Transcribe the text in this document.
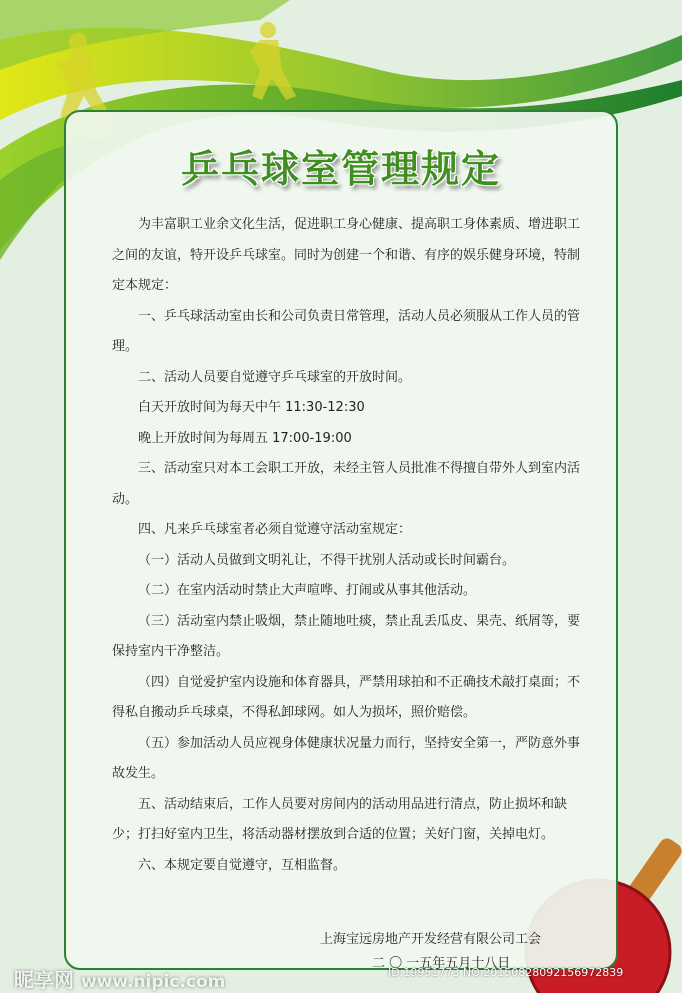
乒乓球室管理规定

为丰富职工业余文化生活，促进职工身心健康、提高职工身体素质、增进职工之间的友谊，特开设乒乓球室。同时为创建一个和谐、有序的娱乐健身环境，特制定本规定：

一、乒乓球活动室由长和公司负责日常管理，活动人员必须服从工作人员的管理。

二、活动人员要自觉遵守乒乓球室的开放时间。

白天开放时间为每天中午 11:30-12:30

晚上开放时间为每周五 17:00-19:00

三、活动室只对本工会职工开放，未经主管人员批准不得擅自带外人到室内活动。

四、凡来乒乓球室者必须自觉遵守活动室规定：

（一）活动人员做到文明礼让，不得干扰别人活动或长时间霸台。

（二）在室内活动时禁止大声喧哗、打闹或从事其他活动。

（三）活动室内禁止吸烟，禁止随地吐痰，禁止乱丢瓜皮、果壳、纸屑等，要保持室内干净整洁。

（四）自觉爱护室内设施和体育器具，严禁用球拍和不正确技术敲打桌面；不得私自搬动乒乓球桌，不得私卸球网。如人为损坏，照价赔偿。

（五）参加活动人员应视身体健康状况量力而行，坚持安全第一，严防意外事故发生。

五、活动结束后，工作人员要对房间内的活动用品进行清点，防止损坏和缺少；打扫好室内卫生，将活动器材摆放到合适的位置；关好门窗，关掉电灯。

六、本规定要自觉遵守，互相监督。

上海宝远房地产开发经营有限公司工会
二 〇 一五年五月十八日
昵享网 www.nipic.com	ID:19951773 NO:20150828092156972839
